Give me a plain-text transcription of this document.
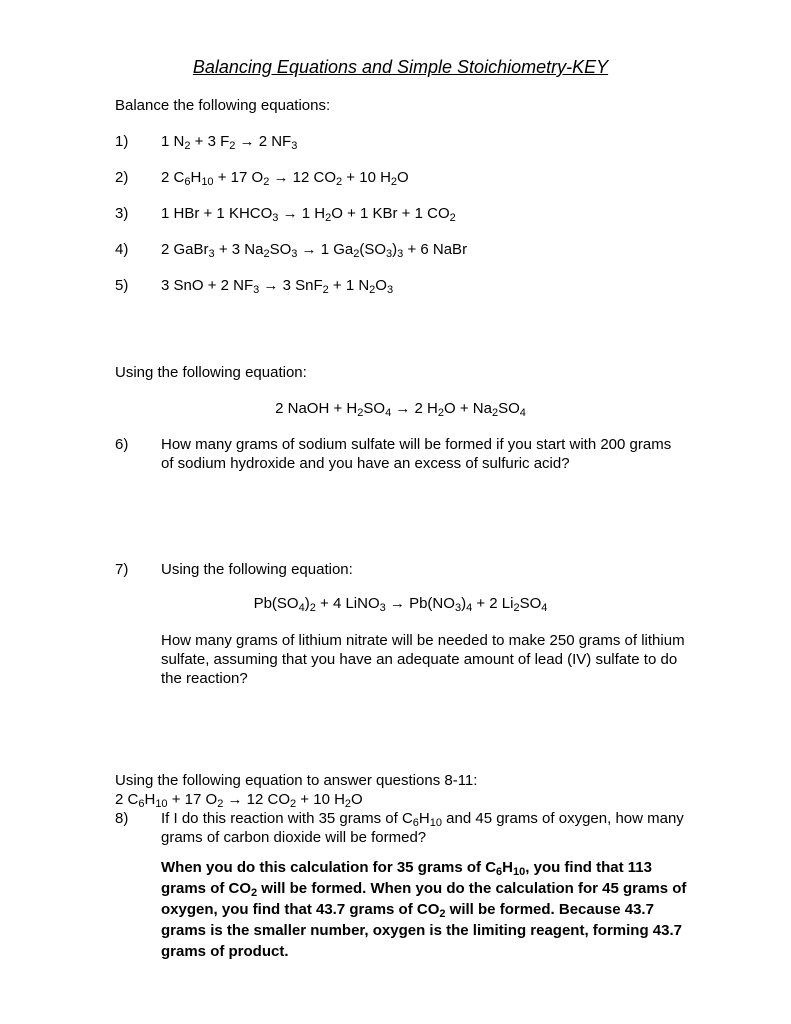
Balancing Equations and Simple Stoichiometry-KEY

Balance the following equations:

1)	1 $N_2 + 3$ $F_2 \to 2$ $NF_3$
2)	2 $C_6H_{10} + 17$ $O_2 \to 12$ $CO_2 + 10$ $H_2O$
3)	1 HBr + 1 $KHCO_3 \to 1$ $H_2O + 1$ KBr + 1 $CO_2$
4)	2 GaBr$_3$ + 3 $Na_2SO_3 \to 1$ $Ga_2(SO_3)_3 + 6$ NaBr
5)	3 SnO + 2 $NF_3 \to 3$ SnF$_2$ + 1 $N_2O_3$

Using the following equation:

2 NaOH + $H_2SO_4 \to 2$ $H_2O + Na_2SO_4$

6)	How many grams of sodium sulfate will be formed if you start with 200 grams of sodium hydroxide and you have an excess of sulfuric acid?
7)	Using the following equation:

$Pb(SO_4)_2 + 4$ LiNO$_3$ → $Pb(NO_3)_4 + 2$ $Li_2SO_4$

How many grams of lithium nitrate will be needed to make 250 grams of lithium sulfate, assuming that you have an adequate amount of lead (IV) sulfate to do the reaction?

Using the following equation to answer questions 8-11:

2 $C_6H_{10} + 17$ $O_2 \to 12$ $CO_2 + 10$ $H_2O$

8)	If I do this reaction with 35 grams of $C_6H_{10}$ and 45 grams of oxygen, how many grams of carbon dioxide will be formed?

When you do this calculation for 35 grams of $C_6H_{10}$, you find that 113 grams of $CO_2$ will be formed. When you do the calculation for 45 grams of oxygen, you find that 43.7 grams of $CO_2$ will be formed. Because 43.7 grams is the smaller number, oxygen is the limiting reagent, forming 43.7 grams of product.
